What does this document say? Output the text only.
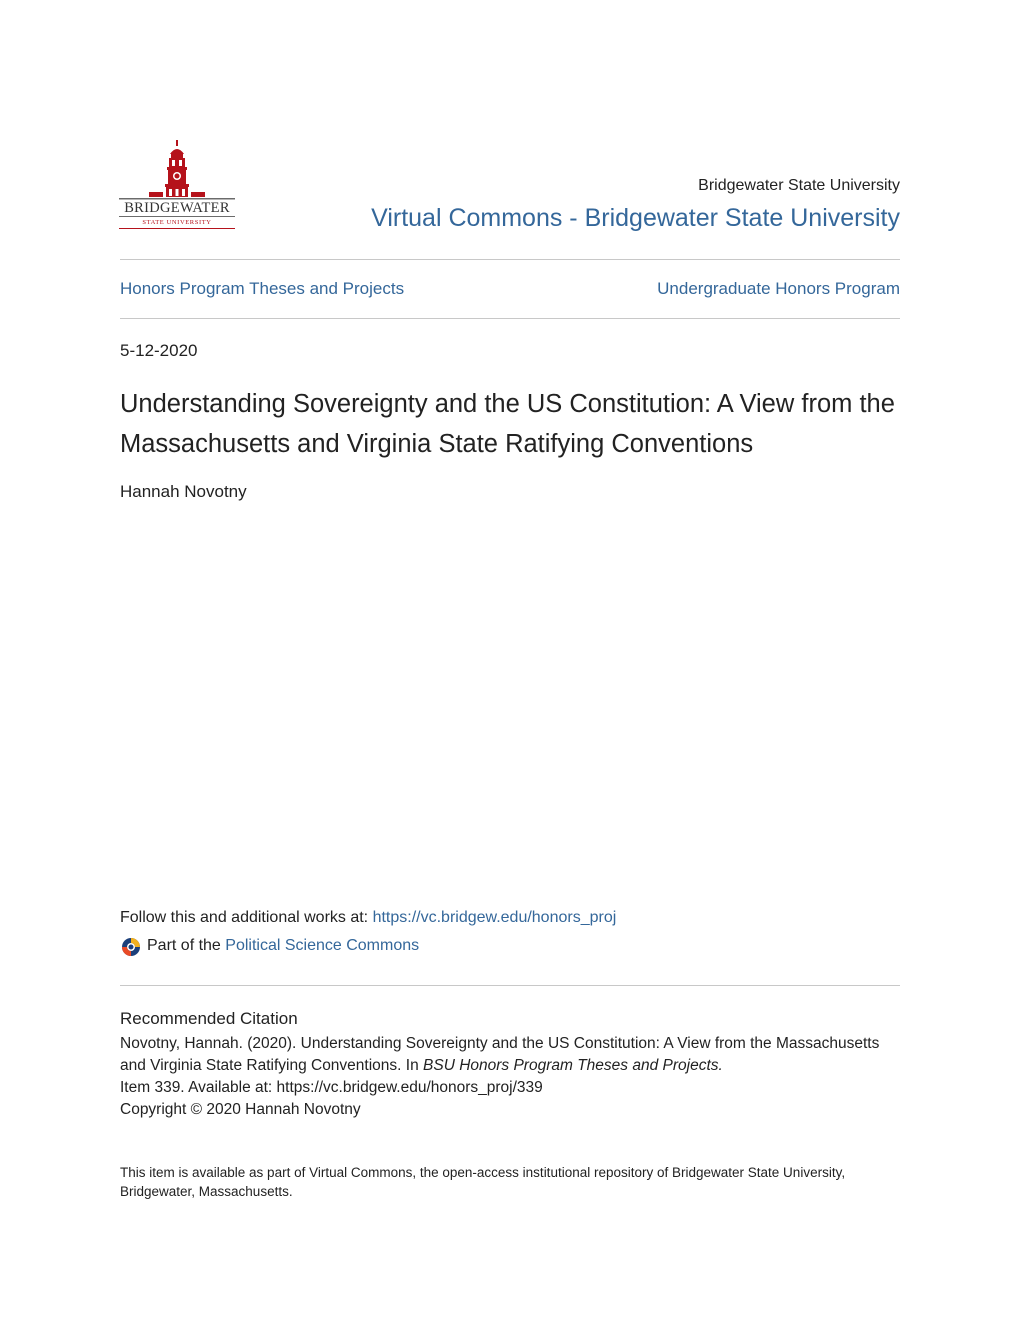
BRIDGEWATER
STATE UNIVERSITY
Bridgewater State University
Virtual Commons - Bridgewater State University
Honors Program Theses and Projects	Undergraduate Honors Program
5-12-2020
Understanding Sovereignty and the US Constitution: A View from the Massachusetts and Virginia State Ratifying Conventions
Hannah Novotny
Follow this and additional works at: https://vc.bridgew.edu/honors_proj
Part of the
Political Science Commons
Recommended Citation
Novotny, Hannah. (2020). Understanding Sovereignty and the US Constitution: A View from the Massachusetts and Virginia State Ratifying Conventions. In BSU Honors Program Theses and Projects.
Item 339. Available at: https://vc.bridgew.edu/honors_proj/339
Copyright © 2020 Hannah Novotny
This item is available as part of Virtual Commons, the open-access institutional repository of Bridgewater State University, Bridgewater, Massachusetts.
